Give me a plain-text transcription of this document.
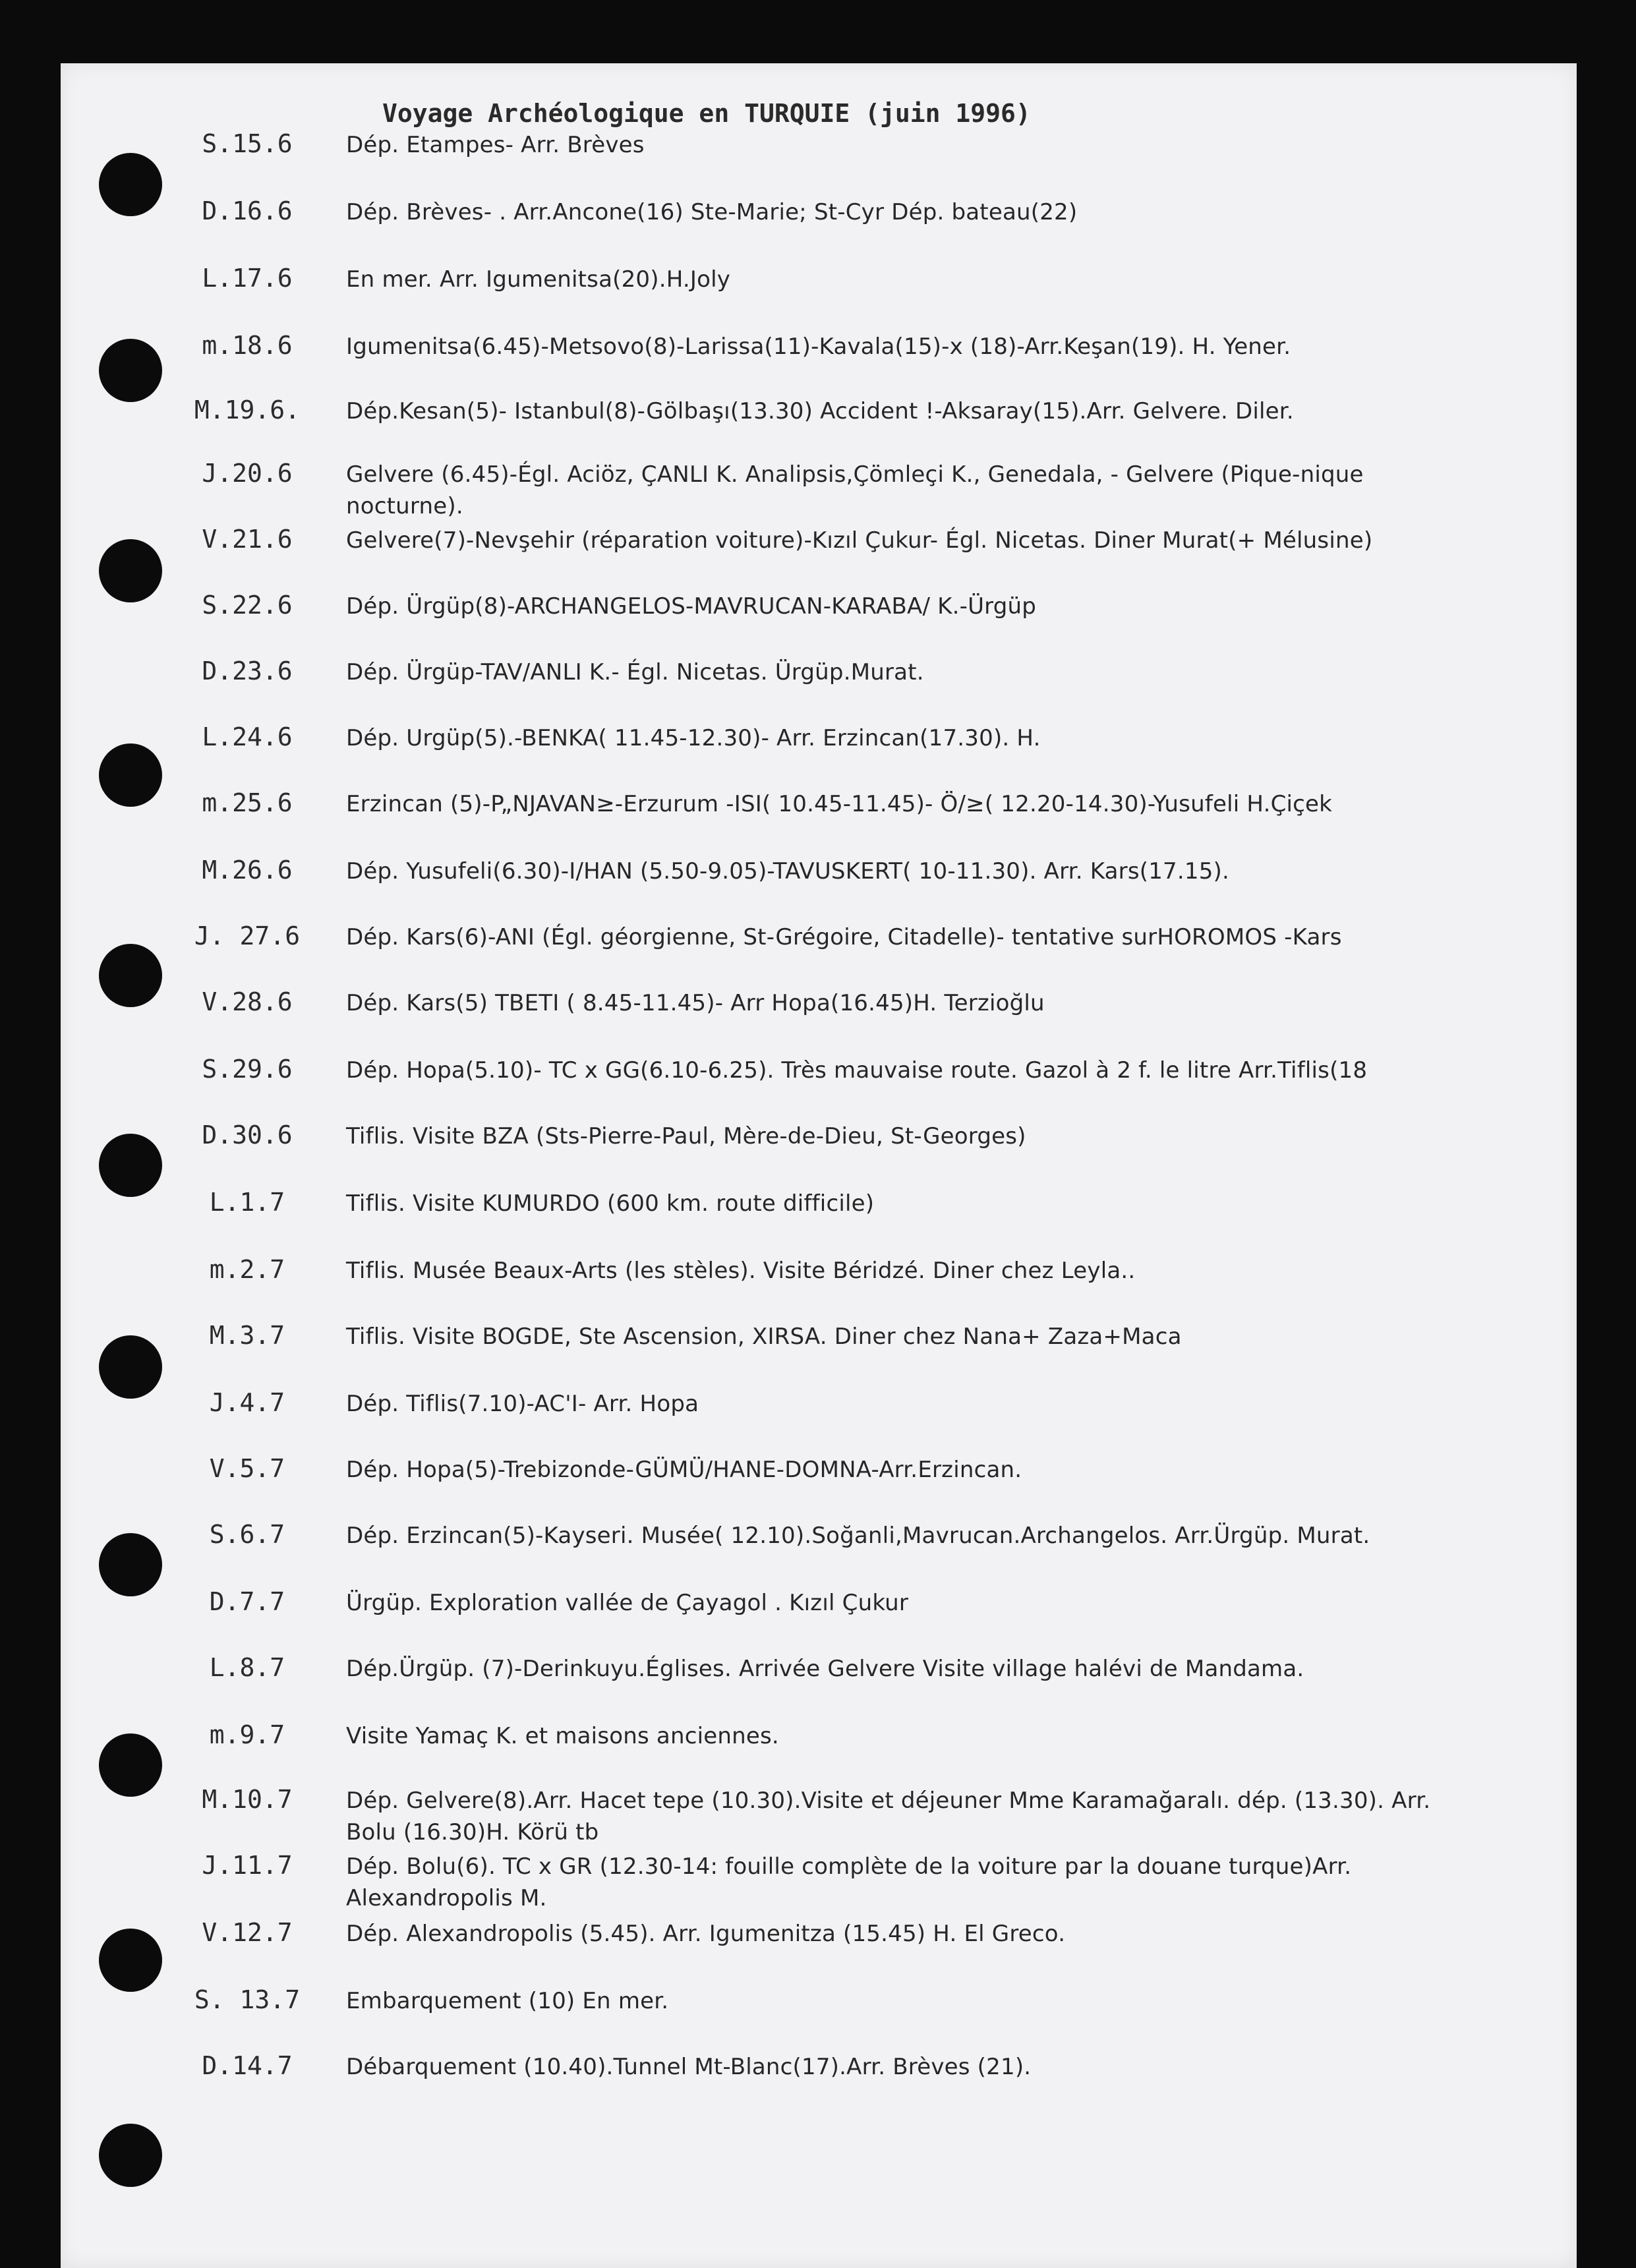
Voyage Archéologique en TURQUIE (juin 1996)
S.15.6	Dép. Etampes- Arr. Brèves
D.16.6	Dép. Brèves- . Arr.Ancone(16) Ste-Marie; St-Cyr Dép. bateau(22)
L.17.6	En mer. Arr. Igumenitsa(20).H.Joly
m.18.6	Igumenitsa(6.45)-Metsovo(8)-Larissa(11)-Kavala(15)-x (18)-Arr.Keşan(19). H. Yener.
M.19.6.	Dép.Kesan(5)- Istanbul(8)-Gölbaşı(13.30) Accident !-Aksaray(15).Arr. Gelvere. Diler.
J.20.6	Gelvere (6.45)-Égl. Aciöz, ÇANLI K. Analipsis,Çömleçi K., Genedala, - Gelvere (Pique-nique nocturne).
V.21.6	Gelvere(7)-Nevşehir (réparation voiture)-Kızıl Çukur- Égl. Nicetas. Diner Murat(+ Mélusine)
S.22.6	Dép. Ürgüp(8)-ARCHANGELOS-MAVRUCAN-KARABA/ K.-Ürgüp
D.23.6	Dép. Ürgüp-TAV/ANLI K.- Égl. Nicetas. Ürgüp.Murat.
L.24.6	Dép. Urgüp(5).-BENKA( 11.45-12.30)- Arr. Erzincan(17.30). H.
m.25.6	Erzincan (5)-P„NJAVAN≥-Erzurum -ISI( 10.45-11.45)- Ö/≥( 12.20-14.30)-Yusufeli H.Çiçek
M.26.6	Dép. Yusufeli(6.30)-I/HAN (5.50-9.05)-TAVUSKERT( 10-11.30). Arr. Kars(17.15).
J. 27.6	Dép. Kars(6)-ANI (Égl. géorgienne, St-Grégoire, Citadelle)- tentative surHOROMOS -Kars
V.28.6	Dép. Kars(5) TBETI ( 8.45-11.45)- Arr Hopa(16.45)H. Terzioğlu
S.29.6	Dép. Hopa(5.10)- TC x GG(6.10-6.25). Très mauvaise route. Gazol à 2 f. le litre Arr.Tiflis(18
D.30.6	Tiflis. Visite BZA (Sts-Pierre-Paul, Mère-de-Dieu, St-Georges)
L.1.7	Tiflis. Visite KUMURDO (600 km. route difficile)
m.2.7	Tiflis. Musée Beaux-Arts (les stèles). Visite Béridzé. Diner chez Leyla..
M.3.7	Tiflis. Visite BOGDE, Ste Ascension, XIRSA. Diner chez Nana+ Zaza+Maca
J.4.7	Dép. Tiflis(7.10)-AC'I- Arr. Hopa
V.5.7	Dép. Hopa(5)-Trebizonde-GÜMÜ/HANE-DOMNA-Arr.Erzincan.
S.6.7	Dép. Erzincan(5)-Kayseri. Musée( 12.10).Soğanli,Mavrucan.Archangelos. Arr.Ürgüp. Murat.
D.7.7	Ürgüp. Exploration vallée de Çayagol . Kızıl Çukur
L.8.7	Dép.Ürgüp. (7)-Derinkuyu.Églises. Arrivée Gelvere Visite village halévi de Mandama.
m.9.7	Visite Yamaç K. et maisons anciennes.
M.10.7	Dép. Gelvere(8).Arr. Hacet tepe (10.30).Visite et déjeuner Mme Karamağaralı. dép. (13.30). Arr. Bolu (16.30)H. Körü tb
J.11.7	Dép. Bolu(6). TC x GR (12.30-14: fouille complète de la voiture par la douane turque)Arr. Alexandropolis M.
V.12.7	Dép. Alexandropolis (5.45). Arr. Igumenitza (15.45) H. El Greco.
S. 13.7	Embarquement (10) En mer.
D.14.7	Débarquement (10.40).Tunnel Mt-Blanc(17).Arr. Brèves (21).
